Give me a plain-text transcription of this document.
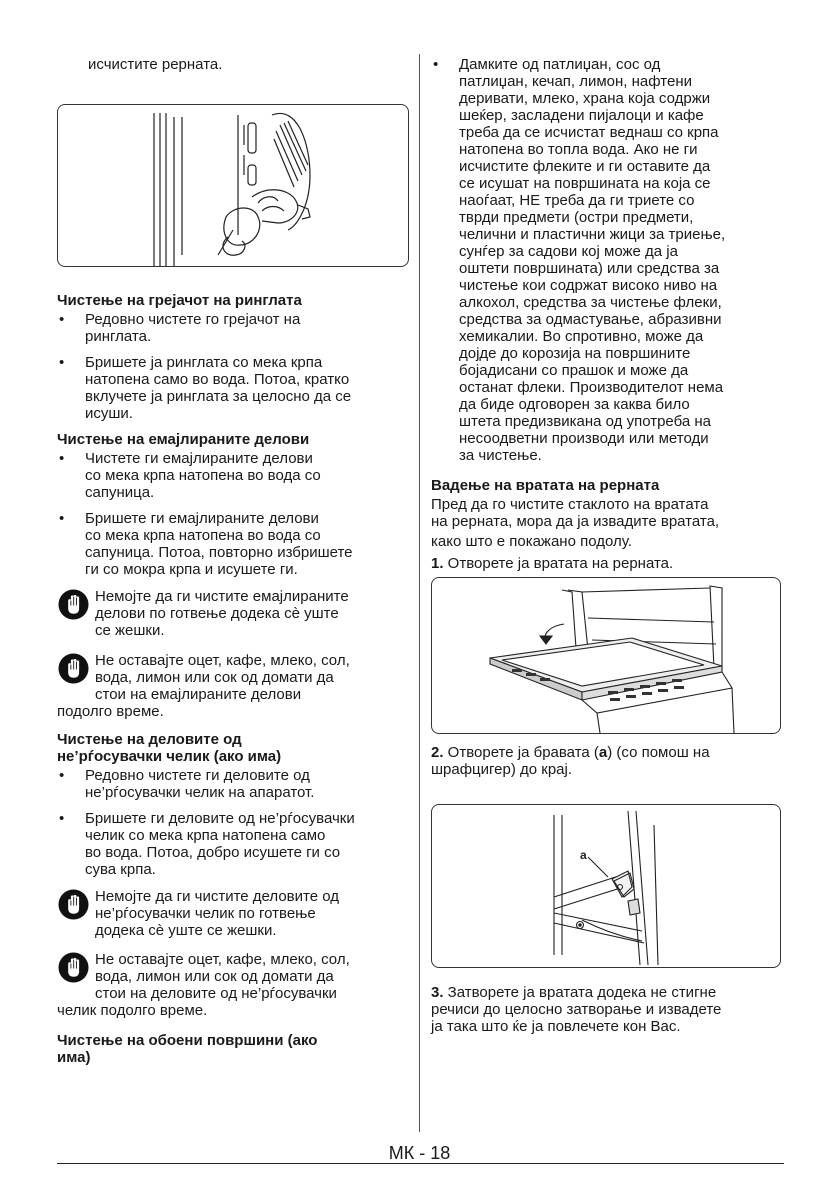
исчистите рерната.

Чистење на грејачот на ринглата
• Редовно чистете го грејачот на
ринглата.
• Бришете ја ринглата со мека крпа
натопена само во вода. Потоа, кратко
вклучете ја ринглата за целосно да се
исуши.
Чистење на емајлираните делови
• Чистете ги емајлираните делови
со мека крпа натопена во вода со
сапуница.
• Бришете ги емајлираните делови
со мека крпа натопена во вода со
сапуница. Потоа, повторно избришете
ги со мокра крпа и исушете ги.
Немојте да ги чистите емајлираните
делови по готвење додека сè уште
се жешки.
Не оставајте оцет, кафе, млеко, сол,
вода, лимон или сок од домати да
стои на емајлираните делови
подолго време.
Чистење на деловите од
не’рѓосувачки челик (ако има)
• Редовно чистете ги деловите од
не’рѓосувачки челик на апаратот.
• Бришете ги деловите од не’рѓосувачки
челик со мека крпа натопена само
во вода. Потоа, добро исушете ги со
сува крпа.
Немојте да ги чистите деловите од
не’рѓосувачки челик по готвење
додека сè уште се жешки.
Не оставајте оцет, кафе, млеко, сол,
вода, лимон или сок од домати да
стои на деловите од не’рѓосувачки
челик подолго време.
Чистење на обоени површини (ако
има)
• Дамките од патлиџан, сос од
патлиџан, кечап, лимон, нафтени
деривати, млеко, храна која содржи
шеќер, засладени пијалоци и кафе
треба да се исчистат веднаш со крпа
натопена во топла вода. Ако не ги
исчистите флеките и ги оставите да
се исушат на површината на која се
наоѓаат, НЕ треба да ги триете со
тврди предмети (остри предмети,
челични и пластични жици за триење,
сунѓер за садови кој може да ја
оштети површината) или средства за
чистење кои содржат високо ниво на
алкохол, средства за чистење флеки,
средства за одмастување, абразивни
хемикалии. Во спротивно, може да
дојде до корозија на површините
бојадисани со прашок и може да
останат флеки. Производителот нема
да биде одговорен за каква било
штета предизвикана од употреба на
несоодветни производи или методи
за чистење.
Вадење на вратата на рерната

Пред да го чистите стаклото на вратата
на рерната, мора да ја извадите вратата,
како што е покажано подолу.

1. Отворете ја вратата на рерната.

2. Отворете ја бравата (a) (со помош на
шрафцигер) до крај.

a

3. Затворете ја вратата додека не стигне
речиси до целосно затворање и извадете
ја така што ќе ја повлечете кон Вас.

МК - 18
